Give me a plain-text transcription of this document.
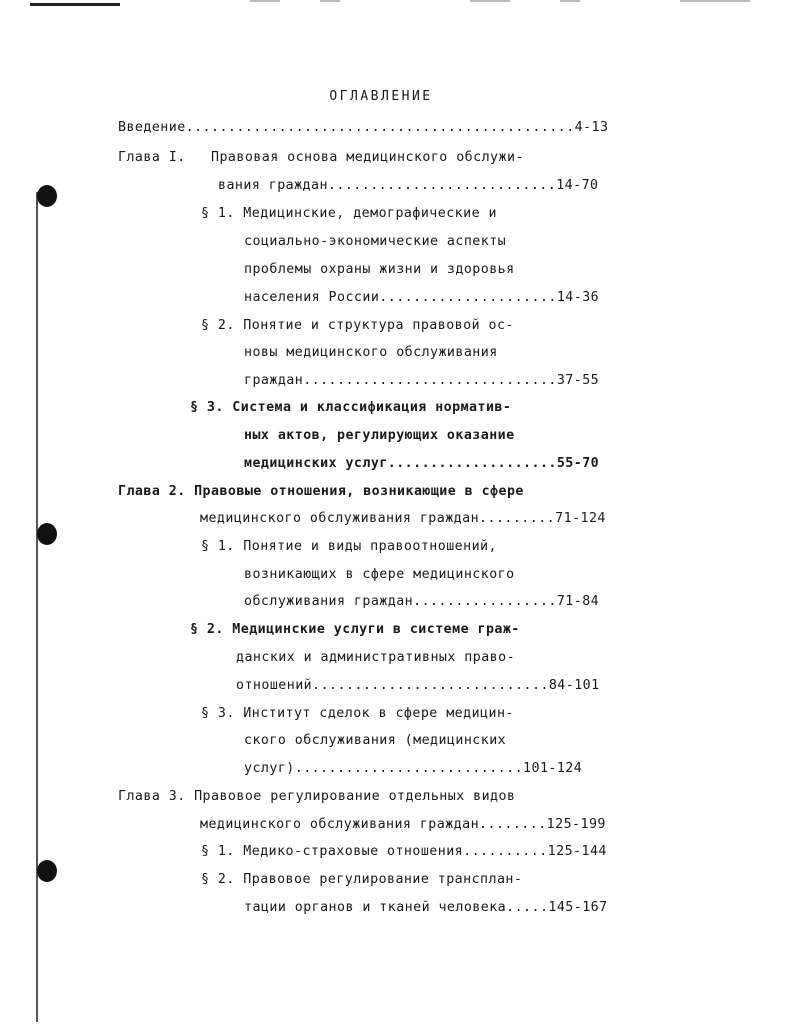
ОГЛАВЛЕНИЕ
Введение..............................................4-13
Глава I.   Правовая основа медицинского обслужи-
вания граждан...........................14-70
§ 1. Медицинские, демографические и
социально-экономические аспекты
проблемы охраны жизни и здоровья
населения России.....................14-36
§ 2. Понятие и структура правовой ос-
новы медицинского обслуживания
граждан..............................37-55
§ 3. Система и классификация норматив-
ных актов, регулирующих оказание
медицинских услуг....................55-70
Глава 2. Правовые отношения, возникающие в сфере
медицинского обслуживания граждан.........71-124
§ 1. Понятие и виды правоотношений,
возникающих в сфере медицинского
обслуживания граждан.................71-84
§ 2. Медицинские услуги в системе граж-
данских и административных право-
отношений............................84-101
§ 3. Институт сделок в сфере медицин-
ского обслуживания (медицинских
услуг)...........................101-124
Глава 3. Правовое регулирование отдельных видов
медицинского обслуживания граждан........125-199
§ 1. Медико-страховые отношения..........125-144
§ 2. Правовое регулирование трансплан-
тации органов и тканей человека.....145-167
